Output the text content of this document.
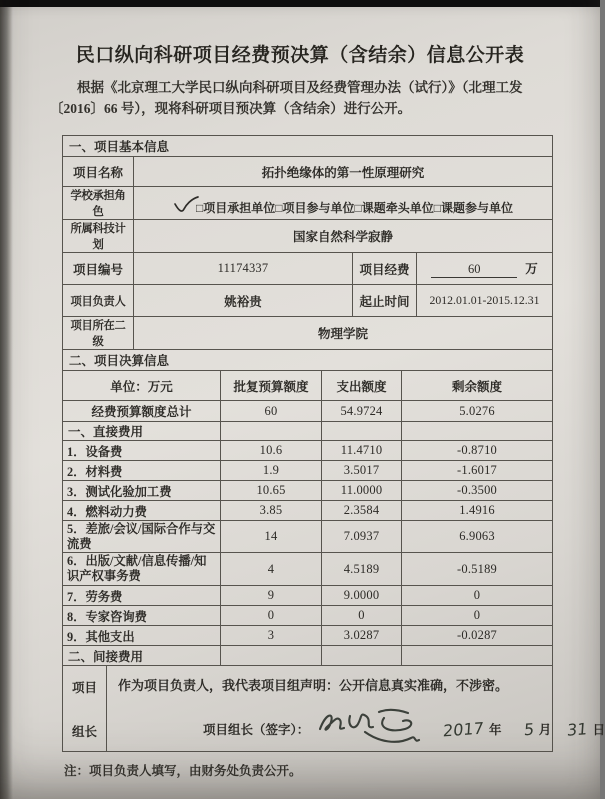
民口纵向科研项目经费预决算（含结余）信息公开表
根据《北京理工大学民口纵向科研项目及经费管理办法（试行）》（北理工发
〔2016〕66 号），现将科研项目预决算（含结余）进行公开。
一、项目基本信息			
项目名称	拓扑绝缘体的第一性原理研究		
学校承担角色	□项目承担单位□项目参与单位□课题牵头单位□课题参与单位		
所属科技计划	国家自然科学寂静		
项目编号	11174337	项目经费	60 万
项目负责人	姚裕贵	起止时间	2012.01.01-2015.12.31
项目所在二级	物理学院		
二、项目决算信息			
单位：万元	批复预算额度	支出额度	剩余额度
经费预算额度总计	60	54.9724	5.0276
一、直接费用			
1．设备费	10.6	11.4710	-0.8710
2．材料费	1.9	3.5017	-1.6017
3．测试化验加工费	10.65	11.0000	-0.3500
4．燃料动力费	3.85	2.3584	1.4916
5．差旅/会议/国际合作与交流费	14	7.0937	6.9063
6．出版/文献/信息传播/知识产权事务费	4	4.5189	-0.5189
7．劳务费	9	9.0000	0
8．专家咨询费	0	0	0
9．其他支出	3	3.0287	-0.0287
二、间接费用			
项目
组长

作为项目负责人，我代表项目组声明：公开信息真实准确，不涉密。
项目组长（签字）：	2017 年 5 月 31 日
注：项目负责人填写，由财务处负责公开。
